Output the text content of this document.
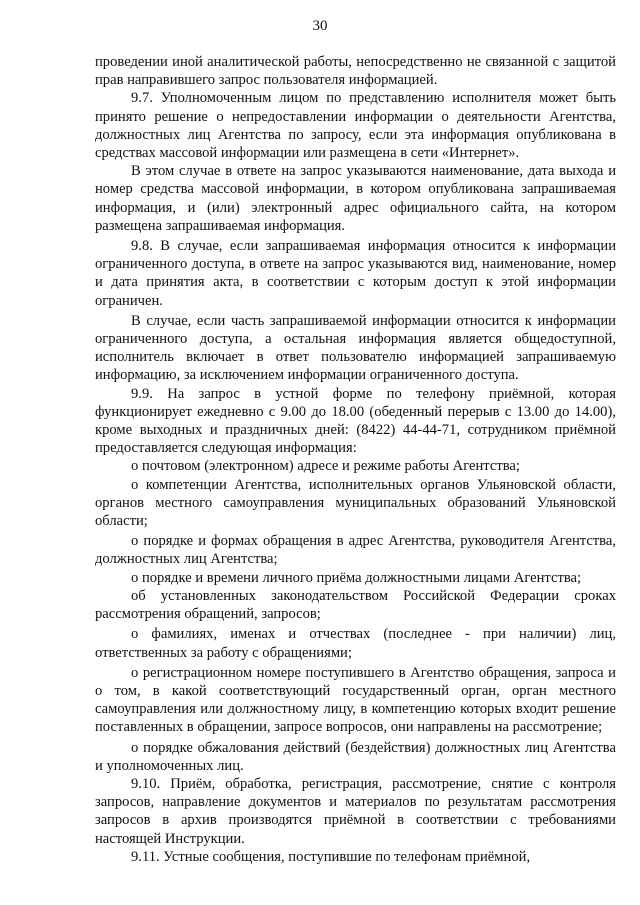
30

проведении иной аналитической работы, непосредственно не связанной с защитой прав направившего запрос пользователя информацией.

9.7. Уполномоченным лицом по представлению исполнителя может быть принято решение о непредоставлении информации о деятельности Агентства, должностных лиц Агентства по запросу, если эта информация опубликована в средствах массовой информации или размещена в сети «Интернет».

В этом случае в ответе на запрос указываются наименование, дата выхода и номер средства массовой информации, в котором опубликована запрашиваемая информация, и (или) электронный адрес официального сайта, на котором размещена запрашиваемая информация.

9.8. В случае, если запрашиваемая информация относится к информации ограниченного доступа, в ответе на запрос указываются вид, наименование, номер и дата принятия акта, в соответствии с которым доступ к этой информации ограничен.

В случае, если часть запрашиваемой информации относится к информации ограниченного доступа, а остальная информация является общедоступной, исполнитель включает в ответ пользователю информацией запрашиваемую информацию, за исключением информации ограниченного доступа.

9.9. На запрос в устной форме по телефону приёмной, которая функционирует ежедневно с 9.00 до 18.00 (обеденный перерыв с 13.00 до 14.00), кроме выходных и праздничных дней: (8422) 44-44-71, сотрудником приёмной предоставляется следующая информация:

о почтовом (электронном) адресе и режиме работы Агентства;

о компетенции Агентства, исполнительных органов Ульяновской области, органов местного самоуправления муниципальных образований Ульяновской области;

о порядке и формах обращения в адрес Агентства, руководителя Агентства, должностных лиц Агентства;

о порядке и времени личного приёма должностными лицами Агентства;

об установленных законодательством Российской Федерации сроках рассмотрения обращений, запросов;

о фамилиях, именах и отчествах (последнее - при наличии) лиц, ответственных за работу с обращениями;

о регистрационном номере поступившего в Агентство обращения, запроса и о том, в какой соответствующий государственный орган, орган местного самоуправления или должностному лицу, в компетенцию которых входит решение поставленных в обращении, запросе вопросов, они направлены на рассмотрение;

о порядке обжалования действий (бездействия) должностных лиц Агентства и уполномоченных лиц.

9.10. Приём, обработка, регистрация, рассмотрение, снятие с контроля запросов, направление документов и материалов по результатам рассмотрения запросов в архив производятся приёмной в соответствии с требованиями настоящей Инструкции.

9.11. Устные сообщения, поступившие по телефонам приёмной,
